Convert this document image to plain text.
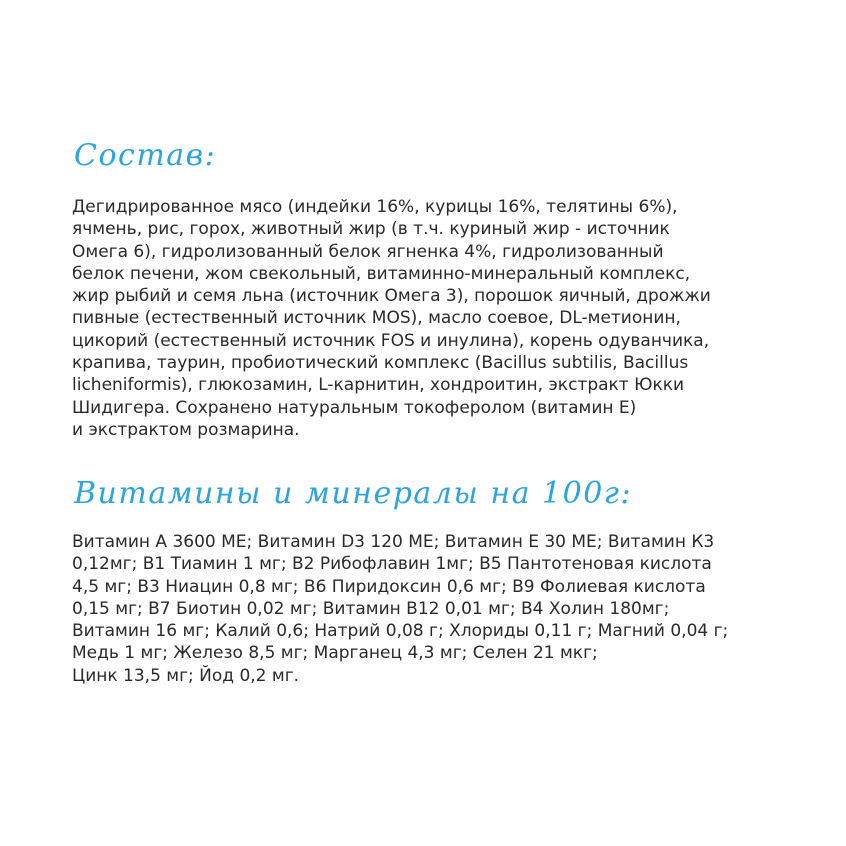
Состав:

Дегидрированное мясо (индейки 16%, курицы 16%, телятины 6%),
ячмень, рис, горох, животный жир (в т.ч. куриный жир - источник
Омега 6), гидролизованный белок ягненка 4%, гидролизованный
белок печени, жом свекольный, витаминно-минеральный комплекс,
жир рыбий и семя льна (источник Омега 3), порошок яичный, дрожжи
пивные (естественный источник MOS), масло соевое, DL-метионин,
цикорий (естественный источник FOS и инулина), корень одуванчика,
крапива, таурин, пробиотический комплекс (Bacillus subtilis, Bacillus
licheniformis), глюкозамин, L-карнитин, хондроитин, экстракт Юкки
Шидигера. Сохранено натуральным токоферолом (витамин Е)
и экстрактом розмарина.

Витамины и минералы на 100г:

Витамин А 3600 МЕ; Витамин D3 120 МЕ; Витамин Е 30 МЕ; Витамин К3
0,12мг; В1 Тиамин 1 мг; В2 Рибофлавин 1мг; В5 Пантотеновая кислота
4,5 мг; В3 Ниацин 0,8 мг; В6 Пиридоксин 0,6 мг; В9 Фолиевая кислота
0,15 мг; В7 Биотин 0,02 мг; Витамин В12 0,01 мг; В4 Холин 180мг;
Витамин 16 мг; Калий 0,6; Натрий 0,08 г; Хлориды 0,11 г; Магний 0,04 г;
Медь 1 мг; Железо 8,5 мг; Марганец 4,3 мг; Селен 21 мкг;
Цинк 13,5 мг; Йод 0,2 мг.
